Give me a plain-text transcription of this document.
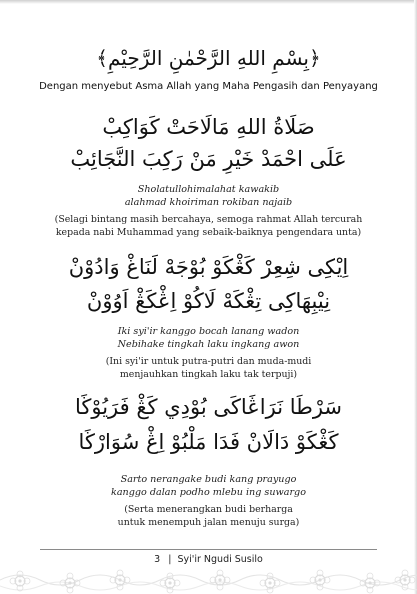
﴿بِسْمِ اللهِ الرَّحْمٰنِ الرَّحِيْمِ﴾
Dengan menyebut Asma Allah yang Maha Pengasih dan Penyayang
صَلَاةُ اللهِ مَالَاحَتْ كَوَاكِبْ
عَلَى احْمَدْ خَيْرِ مَنْ رَكِبَ النَّجَائِبْ
Sholatullohimalahat kawakib
alahmad khoiriman rokiban najaib
(Selagi bintang masih bercahaya, semoga rahmat Allah tercurah
kepada nabi Muhammad yang sebaik-baiknya pengendara unta)
اِيْكِى شِعِرْ كَڠْكَوْ بُوْجَهْ لَنَاغْ وَادُوْنْ
نِيْبِهَاكِى تِڠْكَهْ لَاكُوْ اِڠْكَڠْ اَوُوْنْ
Iki syi'ir kanggo bocah lanang wadon
Nebihake tingkah laku ingkang awon
(Ini syi'ir untuk putra-putri dan muda-mudi
menjauhkan tingkah laku tak terpuji)
سَرْطَا نَرَاڠَاكَى بُوْدِي كَڠْ فَرَيُوْڬَا
كَڠْكَوْ دَالَانْ فَدَا مَلْبُوْ اِڠْ سُوَارْڬَا
Sarto nerangake budi kang prayugo
kanggo dalan podho mlebu ing suwargo
(Serta menerangkan budi berharga
untuk menempuh jalan menuju surga)
3 | Syi'ir Ngudi Susilo
